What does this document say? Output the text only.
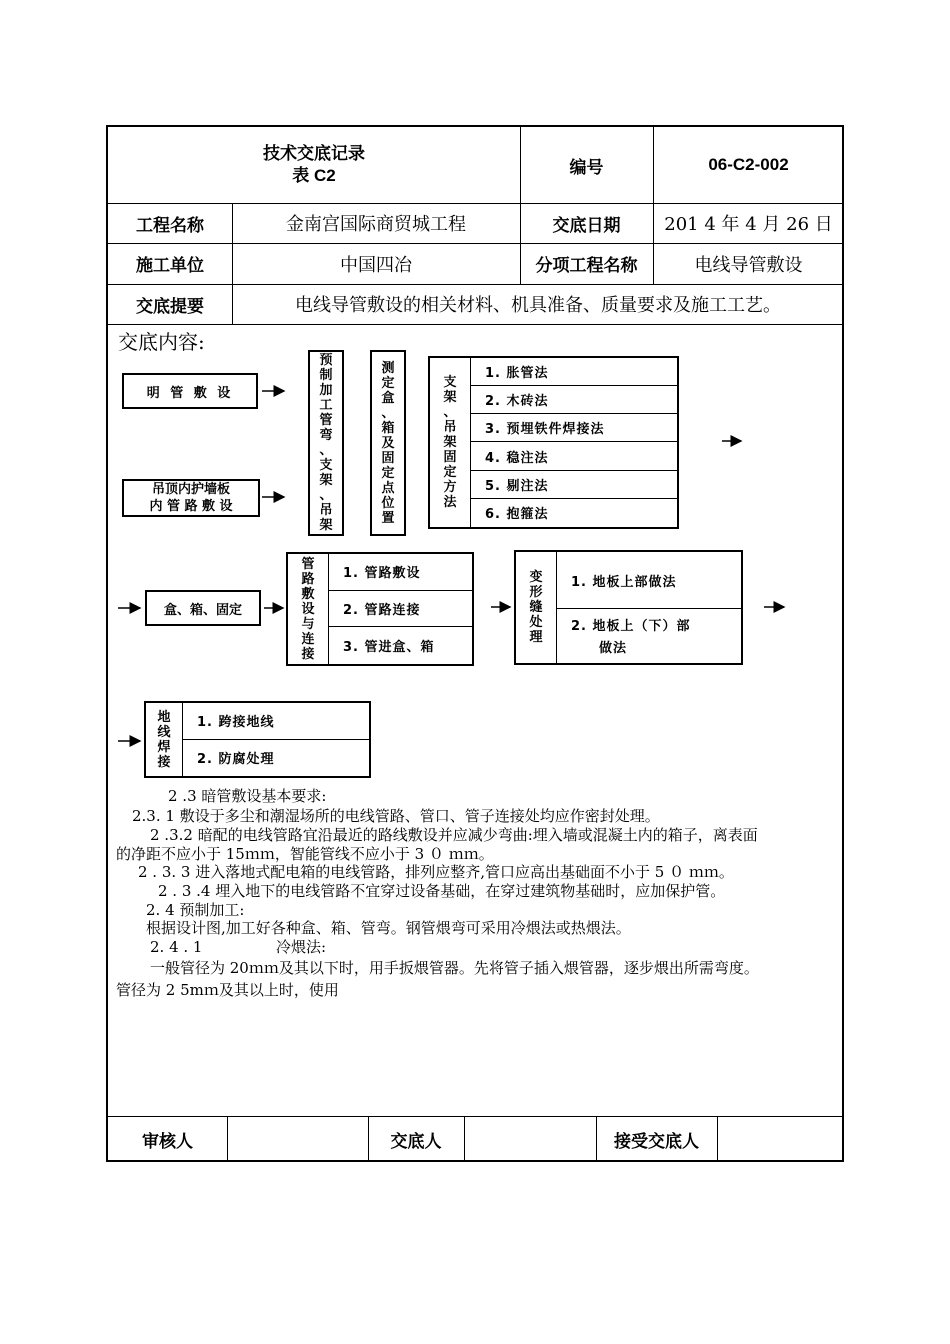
技术交底记录
表 C2	编号	06-C2-002
工程名称	金南宫国际商贸城工程	交底日期	201 4 年 4 月 26 日
施工单位	中国四冶	分项工程名称	电线导管敷设
交底提要	电线导管敷设的相关材料、机具准备、质量要求及施工工艺。
交底内容:
审核人	交底人	接受交底人
明 管 敷 设
吊顶内护墙板
内 管 路 敷 设
预
制
加
工
管
弯
、
支
架
、
吊
架
测
定
盒
、
箱
及
固
定
点
位
置
支
架
、
吊
架
固
定
方
法
1. 胀管法
2. 木砖法
3. 预埋铁件焊接法
4. 稳注法
5. 剔注法
6. 抱箍法
盒、箱、固定
管
路
敷
设
与
连
接
1. 管路敷设
2. 管路连接
3. 管进盒、箱
变
形
缝
处
理
1. 地板上部做法
2. 地板上（下）部
做法
地
线
焊
接
1. 跨接地线
2. 防腐处理
2 .3 暗管敷设基本要求:
2.3. 1 敷设于多尘和潮湿场所的电线管路、管口、管子连接处均应作密封处理。
2 .3.2 暗配的电线管路宜沿最近的路线敷设并应减少弯曲:埋入墙或混凝土内的箱子，离表面
的净距不应小于 15ｍｍ，智能管线不应小于 3 ０ ｍｍ。
2 . 3. 3 进入落地式配电箱的电线管路，排列应整齐,管口应高出基础面不小于 5 ０ ｍｍ。
2 . 3 .4 埋入地下的电线管路不宜穿过设备基础，在穿过建筑物基础时，应加保护管。
2. 4 预制加工:
根据设计图,加工好各种盒、箱、管弯。钢管煨弯可采用冷煨法或热煨法。
2. 4 . 1	冷煨法:
一般管径为 20ｍｍ及其以下时，用手扳煨管器。先将管子插入煨管器，逐步煨出所需弯度。
管径为 2 5mｍ及其以上时，使用
